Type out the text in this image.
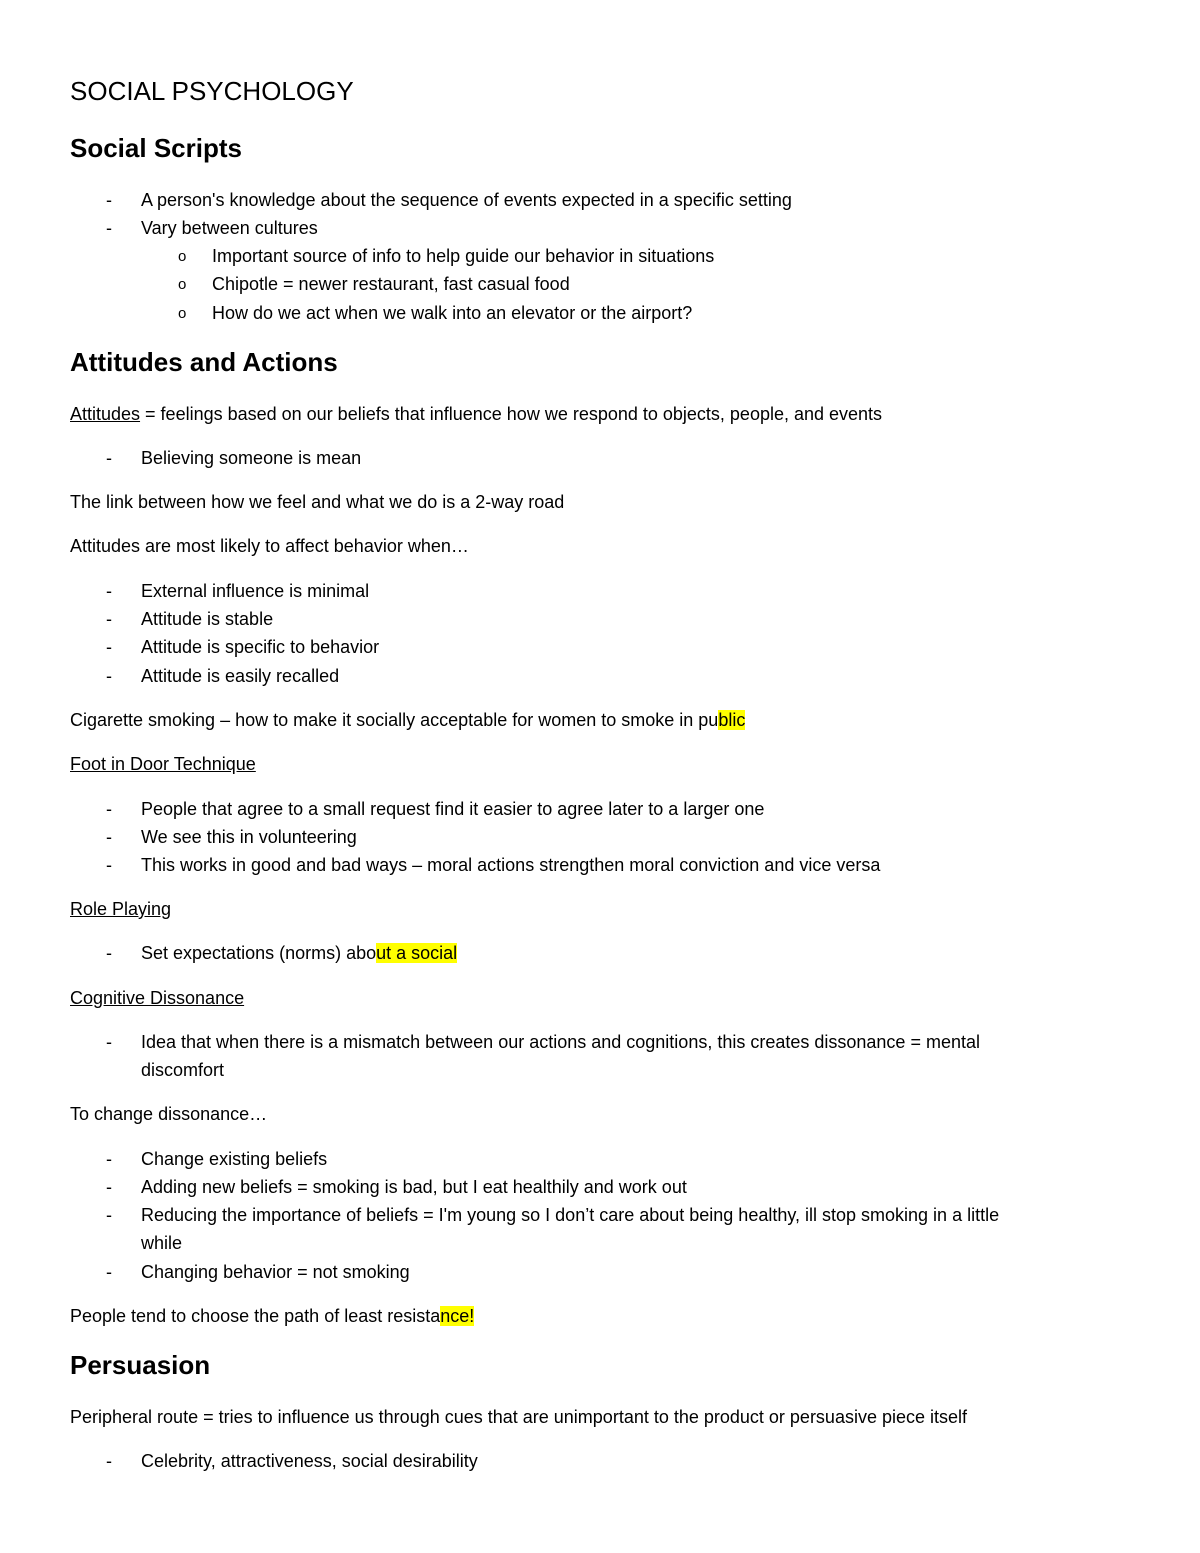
SOCIAL PSYCHOLOGY
Social Scripts
- A person's knowledge about the sequence of events expected in a specific setting
- Vary between cultures
o Important source of info to help guide our behavior in situations
o Chipotle = newer restaurant, fast casual food
o How do we act when we walk into an elevator or the airport?
Attitudes and Actions
Attitudes = feelings based on our beliefs that influence how we respond to objects, people, and events
- Believing someone is mean
The link between how we feel and what we do is a 2-way road
Attitudes are most likely to affect behavior when…
- External influence is minimal
- Attitude is stable
- Attitude is specific to behavior
- Attitude is easily recalled
Cigarette smoking – how to make it socially acceptable for women to smoke in public
Foot in Door Technique
- People that agree to a small request find it easier to agree later to a larger one
- We see this in volunteering
- This works in good and bad ways – moral actions strengthen moral conviction and vice versa
Role Playing
- Set expectations (norms) about a social
Cognitive Dissonance
- Idea that when there is a mismatch between our actions and cognitions, this creates dissonance = mental
discomfort
To change dissonance…
- Change existing beliefs
- Adding new beliefs = smoking is bad, but I eat healthily and work out
- Reducing the importance of beliefs = I'm young so I don’t care about being healthy, ill stop smoking in a little
while
- Changing behavior = not smoking
People tend to choose the path of least resistance!
Persuasion
Peripheral route = tries to influence us through cues that are unimportant to the product or persuasive piece itself
- Celebrity, attractiveness, social desirability
